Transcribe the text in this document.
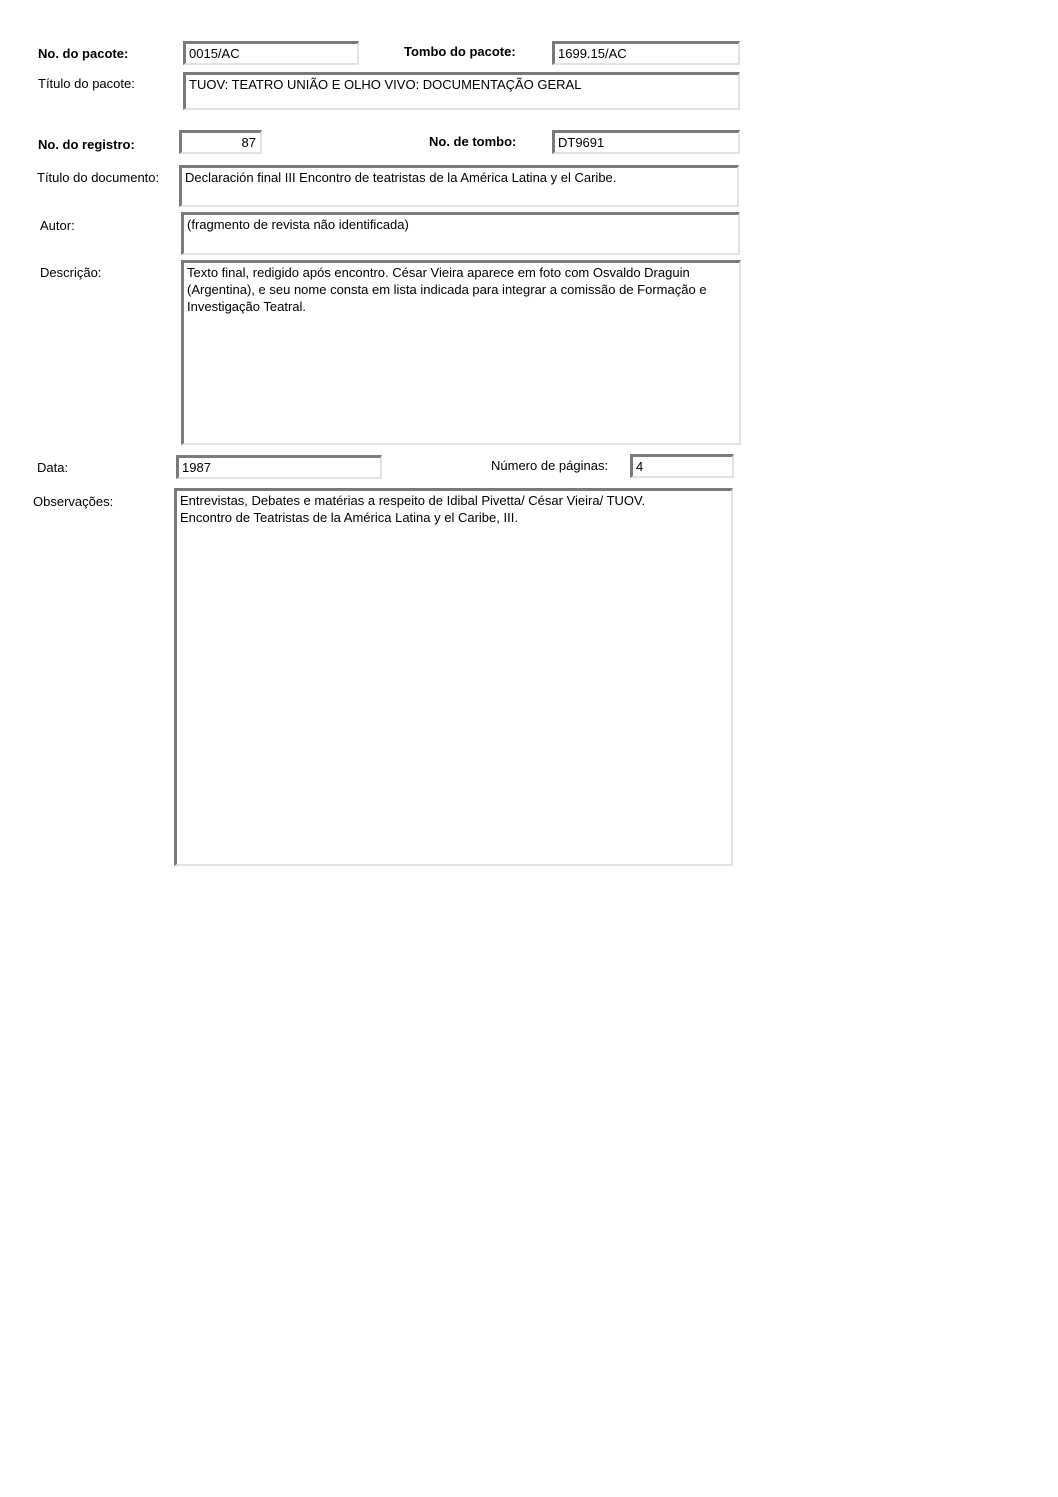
No. do pacote:	0015/AC	Tombo do pacote:	1699.15/AC
Título do pacote:	TUOV: TEATRO UNIÃO E OLHO VIVO: DOCUMENTAÇÃO GERAL
No. do registro:	87	No. de tombo:	DT9691
Título do documento:	Declaración final III Encontro de teatristas de la América Latina y el Caribe.
Autor:	(fragmento de revista não identificada)
Descrição:	Texto final, redigido após encontro. César Vieira aparece em foto com Osvaldo Draguin (Argentina), e seu nome consta em lista indicada para integrar a comissão de Formação e Investigação Teatral.
Data:	1987	Número de páginas:	4
Observações:	Entrevistas, Debates e matérias a respeito de Idibal Pivetta/ César Vieira/ TUOV.
Encontro de Teatristas de la América Latina y el Caribe, III.
